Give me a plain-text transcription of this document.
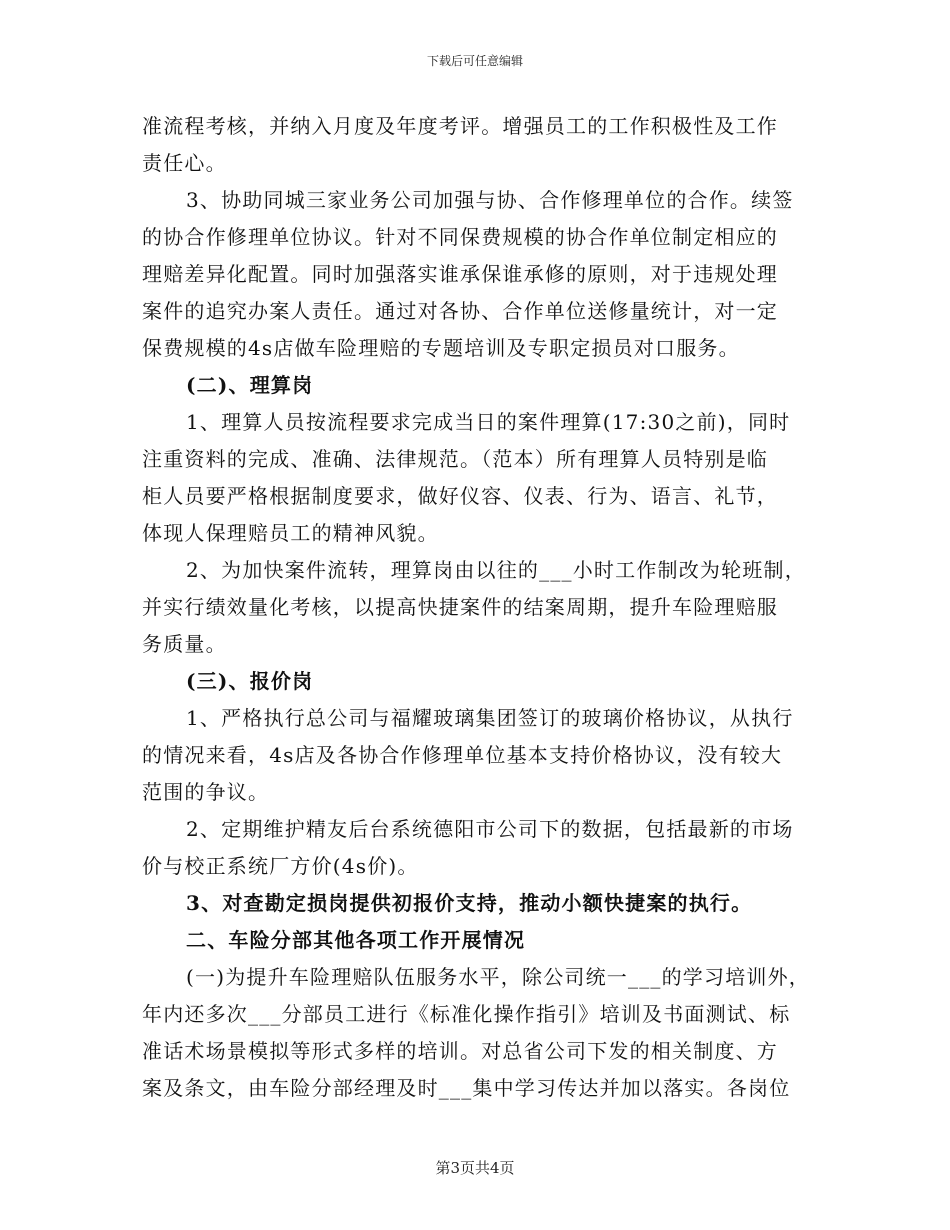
下载后可任意编辑
准流程考核，并纳入月度及年度考评。增强员工的工作积极性及工作
责任心。
3、协助同城三家业务公司加强与协、合作修理单位的合作。续签
的协合作修理单位协议。针对不同保费规模的协合作单位制定相应的
理赔差异化配置。同时加强落实谁承保谁承修的原则，对于违规处理
案件的追究办案人责任。通过对各协、合作单位送修量统计，对一定
保费规模的4s店做车险理赔的专题培训及专职定损员对口服务。
(二)、理算岗
1、理算人员按流程要求完成当日的案件理算(17:30之前)，同时
注重资料的完成、准确、法律规范。（范本）所有理算人员特别是临
柜人员要严格根据制度要求，做好仪容、仪表、行为、语言、礼节，
体现人保理赔员工的精神风貌。
2、为加快案件流转，理算岗由以往的___小时工作制改为轮班制，
并实行绩效量化考核，以提高快捷案件的结案周期，提升车险理赔服
务质量。
(三)、报价岗
1、严格执行总公司与福耀玻璃集团签订的玻璃价格协议，从执行
的情况来看，4s店及各协合作修理单位基本支持价格协议，没有较大
范围的争议。
2、定期维护精友后台系统德阳市公司下的数据，包括最新的市场
价与校正系统厂方价(4s价)。
3、对查勘定损岗提供初报价支持，推动小额快捷案的执行。
二、车险分部其他各项工作开展情况
(一)为提升车险理赔队伍服务水平，除公司统一___的学习培训外，
年内还多次___分部员工进行《标准化操作指引》培训及书面测试、标
准话术场景模拟等形式多样的培训。对总省公司下发的相关制度、方
案及条文，由车险分部经理及时___集中学习传达并加以落实。各岗位
第3页共4页
